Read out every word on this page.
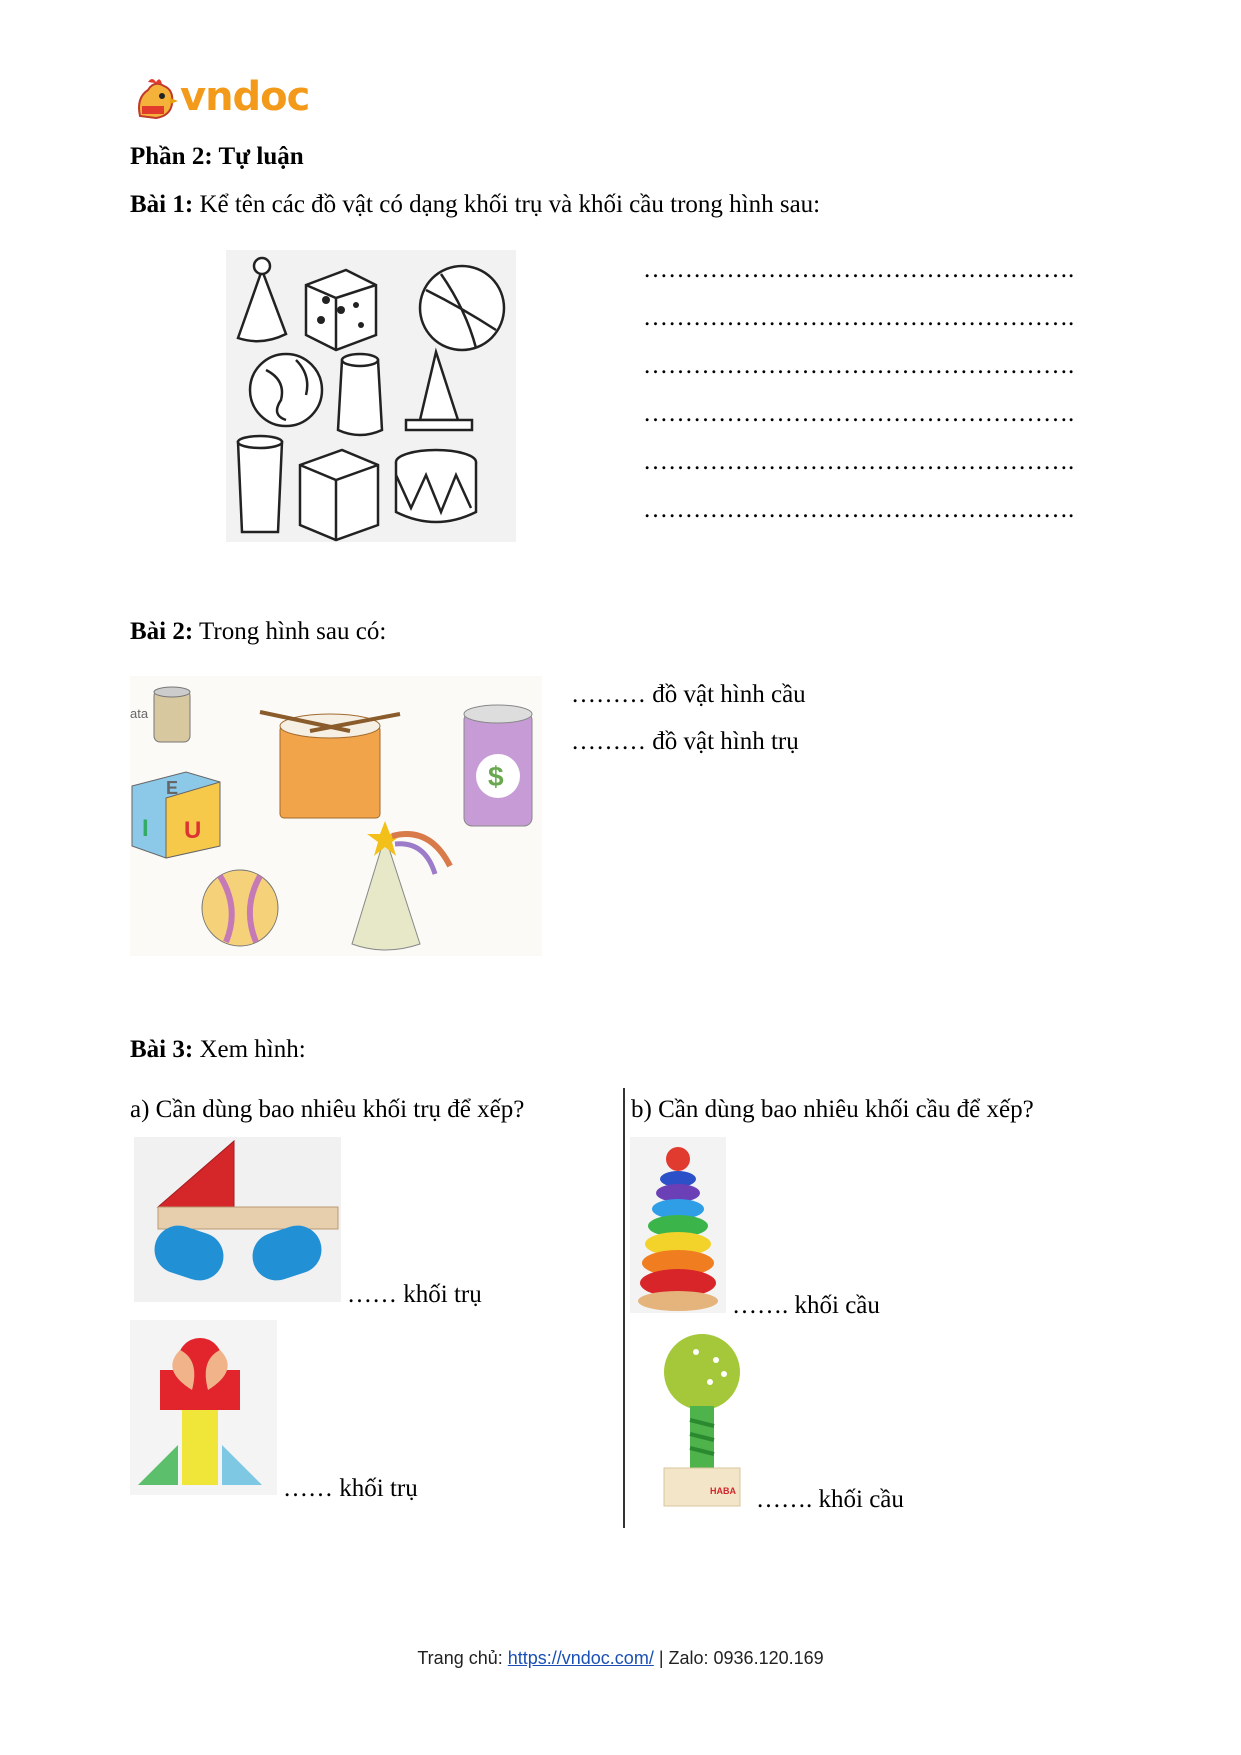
vndoc
Phần 2: Tự luận
Bài 1: Kể tên các đồ vật có dạng khối trụ và khối cầu trong hình sau:
…………………………………………….
…………………………………………….
…………………………………………….
…………………………………………….
…………………………………………….
…………………………………………….
Bài 2: Trong hình sau có:
ata
$
E
I U
……… đồ vật hình cầu
……… đồ vật hình trụ
Bài 3: Xem hình:
a) Cần dùng bao nhiêu khối trụ để xếp?	b) Cần dùng bao nhiêu khối cầu để xếp?
…… khối trụ
…… khối trụ
……. khối cầu
HABA ……. khối cầu
Trang chủ: https://vndoc.com/ | Zalo: 0936.120.169
